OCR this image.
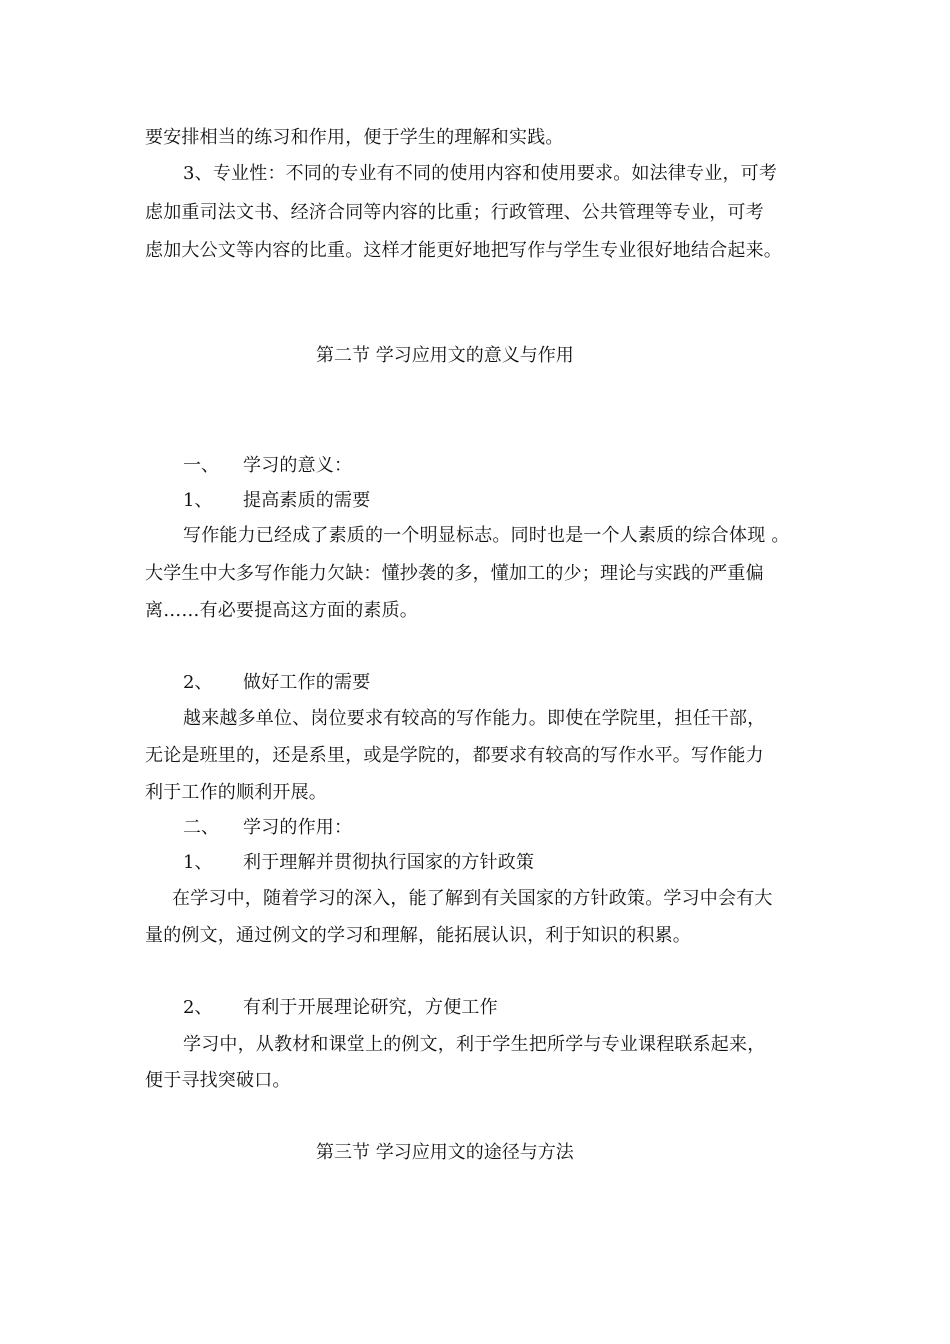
要安排相当的练习和作用，便于学生的理解和实践。
3、专业性：不同的专业有不同的使用内容和使用要求。如法律专业，可考
虑加重司法文书、经济合同等内容的比重；行政管理、公共管理等专业，可考
虑加大公文等内容的比重。这样才能更好地把写作与学生专业很好地结合起来。
第二节 学习应用文的意义与作用
一、 学习的意义：
1、 提高素质的需要
写作能力已经成了素质的一个明显标志。同时也是一个人素质的综合体现 。
大学生中大多写作能力欠缺：懂抄袭的多，懂加工的少；理论与实践的严重偏
离……有必要提高这方面的素质。
2、 做好工作的需要
越来越多单位、岗位要求有较高的写作能力。即使在学院里，担任干部，
无论是班里的，还是系里，或是学院的，都要求有较高的写作水平。写作能力
利于工作的顺利开展。
二、 学习的作用：
1、 利于理解并贯彻执行国家的方针政策
在学习中，随着学习的深入，能了解到有关国家的方针政策。学习中会有大
量的例文，通过例文的学习和理解，能拓展认识，利于知识的积累。
2、 有利于开展理论研究，方便工作
学习中，从教材和课堂上的例文，利于学生把所学与专业课程联系起来，
便于寻找突破口。
第三节 学习应用文的途径与方法
